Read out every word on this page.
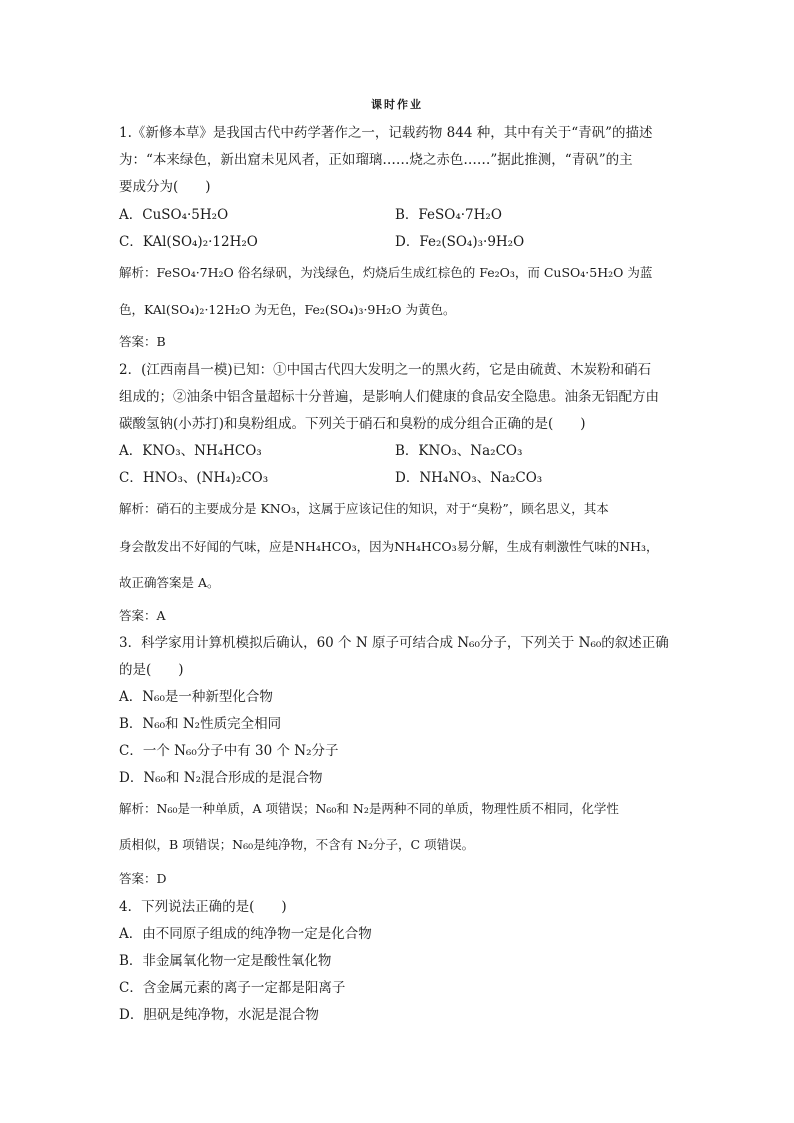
课时作业
1.《新修本草》是我国古代中药学著作之一，记载药物 844 种，其中有关于“青矾”的描述
为：“本来绿色，新出窟未见风者，正如瑠璃……烧之赤色……”据此推测，“青矾”的主
要成分为(　　)
A．CuSO₄·5H₂O	B．FeSO₄·7H₂O
C．KAl(SO₄)₂·12H₂O	D．Fe₂(SO₄)₃·9H₂O
解析：FeSO₄·7H₂O 俗名绿矾，为浅绿色，灼烧后生成红棕色的 Fe₂O₃，而 CuSO₄·5H₂O 为蓝
色，KAl(SO₄)₂·12H₂O 为无色，Fe₂(SO₄)₃·9H₂O 为黄色。
答案：B
2．(江西南昌一模)已知：①中国古代四大发明之一的黑火药，它是由硫黄、木炭粉和硝石
组成的；②油条中铝含量超标十分普遍，是影响人们健康的食品安全隐患。油条无铝配方由
碳酸氢钠(小苏打)和臭粉组成。下列关于硝石和臭粉的成分组合正确的是(　　)
A．KNO₃、NH₄HCO₃	B．KNO₃、Na₂CO₃
C．HNO₃、(NH₄)₂CO₃	D．NH₄NO₃、Na₂CO₃
解析：硝石的主要成分是 KNO₃，这属于应该记住的知识，对于“臭粉”，顾名思义，其本
身会散发出不好闻的气味，应是NH₄HCO₃，因为NH₄HCO₃易分解，生成有刺激性气味的NH₃，
故正确答案是 A。
答案：A
3．科学家用计算机模拟后确认，60 个 N 原子可结合成 N₆₀分子，下列关于 N₆₀的叙述正确
的是(　　)
A．N₆₀是一种新型化合物
B．N₆₀和 N₂性质完全相同
C．一个 N₆₀分子中有 30 个 N₂分子
D．N₆₀和 N₂混合形成的是混合物
解析：N₆₀是一种单质，A 项错误；N₆₀和 N₂是两种不同的单质，物理性质不相同，化学性
质相似，B 项错误；N₆₀是纯净物，不含有 N₂分子，C 项错误。
答案：D
4．下列说法正确的是(　　)
A．由不同原子组成的纯净物一定是化合物
B．非金属氧化物一定是酸性氧化物
C．含金属元素的离子一定都是阳离子
D．胆矾是纯净物，水泥是混合物
